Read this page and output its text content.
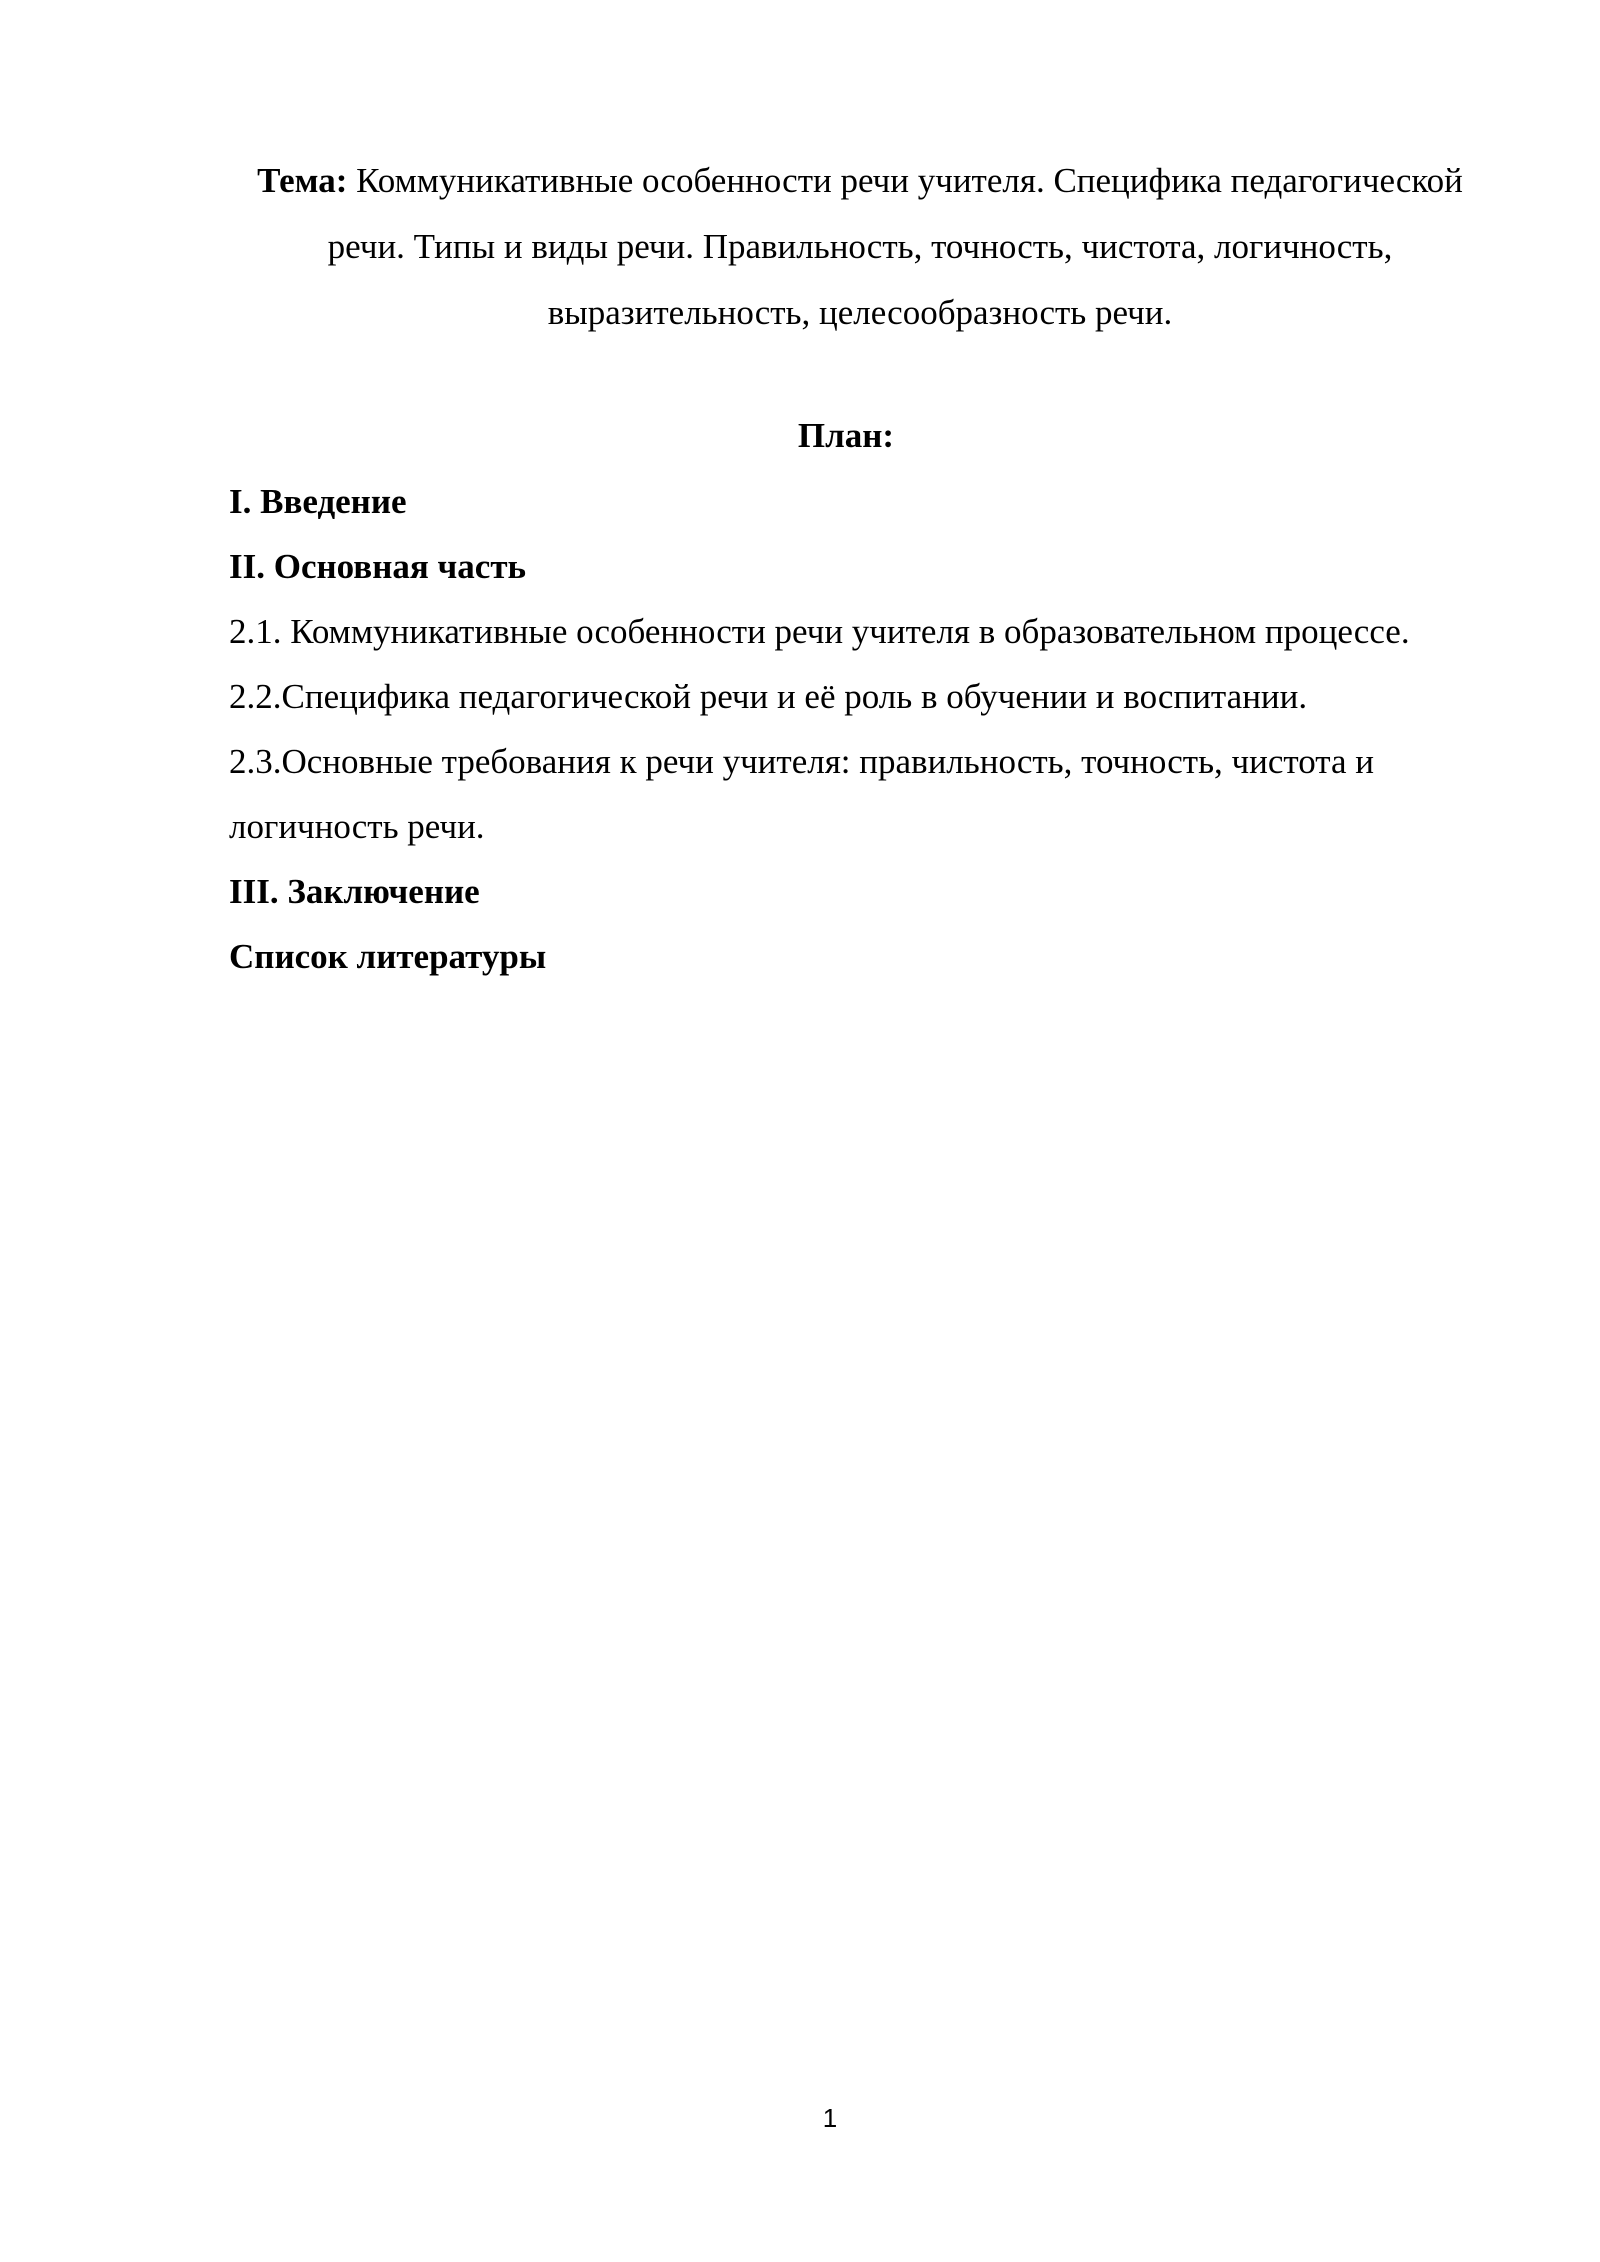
Тема: Коммуникативные особенности речи учителя. Специфика педагогической речи. Типы и виды речи. Правильность, точность, чистота, логичность, выразительность, целесообразность речи.

План:
I. Введение
II. Основная часть
2.1. Коммуникативные особенности речи учителя в образовательном процессе.
2.2.Специфика педагогической речи и её роль в обучении и воспитании.
2.3.Основные требования к речи учителя: правильность, точность, чистота и логичность речи.
III. Заключение
Список литературы
1
